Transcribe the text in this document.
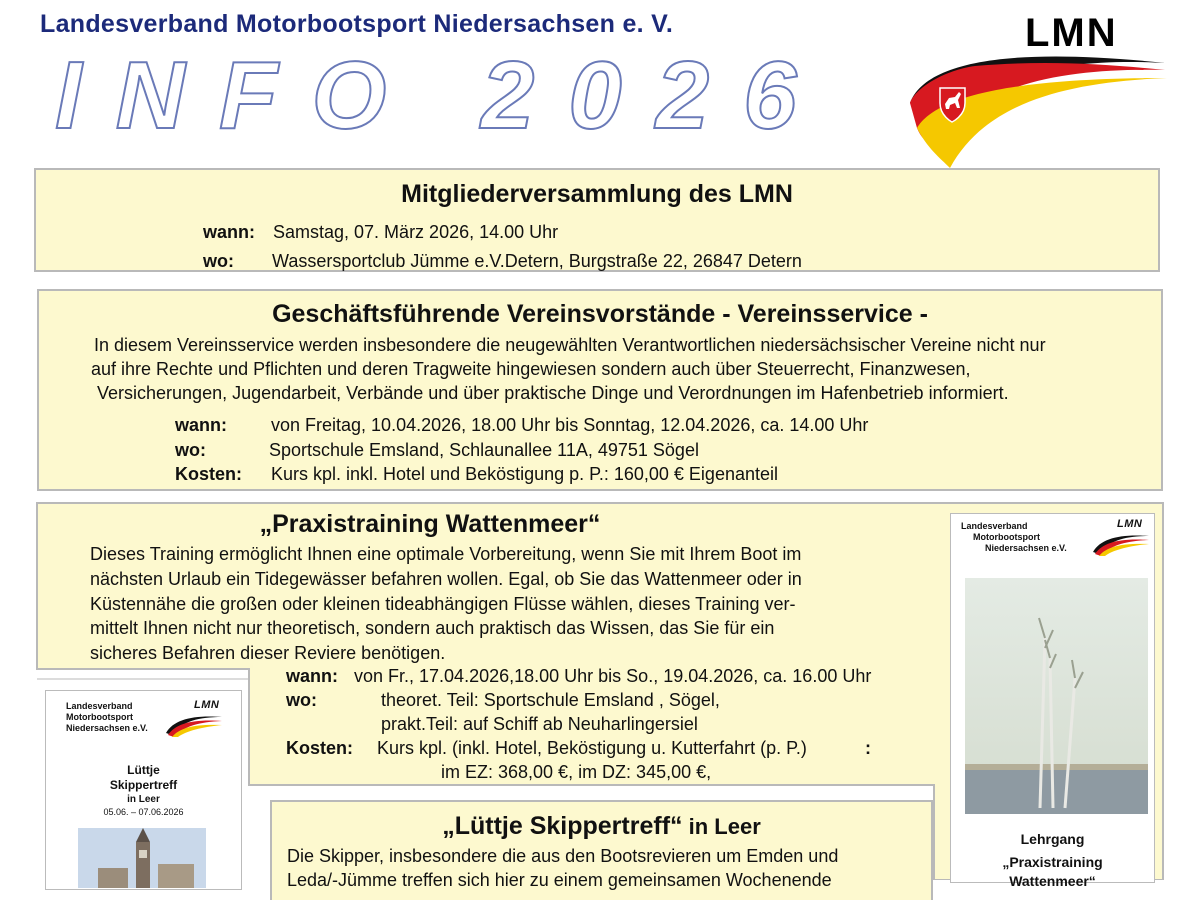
Landesverband Motorbootsport Niedersachsen e. V.
INFO 2026
LMN
Mitgliederversammlung des LMN
wann: Samstag, 07. März 2026, 14.00 Uhr
wo: Wassersportclub Jümme e.V.Detern, Burgstraße 22, 26847 Detern
Geschäftsführende Vereinsvorstände - Vereinsservice -
In diesem Vereinsservice werden insbesondere die neugewählten Verantwortlichen niedersächsischer Vereine nicht nur
auf ihre Rechte und Pflichten und deren Tragweite hingewiesen sondern auch über Steuerrecht, Finanzwesen,
Versicherungen, Jugendarbeit, Verbände und über praktische Dinge und Verordnungen im Hafenbetrieb informiert.
wann: von Freitag, 10.04.2026, 18.00 Uhr bis Sonntag, 12.04.2026, ca. 14.00 Uhr
wo:	Sportschule Emsland, Schlaunallee 11A, 49751 Sögel
Kosten: Kurs kpl. inkl. Hotel und Beköstigung p. P.: 160,00 € Eigenanteil
„Praxistraining Wattenmeer“
Dieses Training ermöglicht Ihnen eine optimale Vorbereitung, wenn Sie mit Ihrem Boot im
nächsten Urlaub ein Tidegewässer befahren wollen. Egal, ob Sie das Wattenmeer oder in
Küstennähe die großen oder kleinen tideabhängigen Flüsse wählen, dieses Training ver-
mittelt Ihnen nicht nur theoretisch, sondern auch praktisch das Wissen, das Sie für ein
sicheres Befahren dieser Reviere benötigen.
wann: von Fr., 17.04.2026,18.00 Uhr bis So., 19.04.2026, ca. 16.00 Uhr
wo:	theoret. Teil: Sportschule Emsland , Sögel,
prakt.Teil: auf Schiff ab Neuharlingersiel
Kosten: Kurs kpl. (inkl. Hotel, Beköstigung u. Kutterfahrt (p. P.)	:
im EZ: 368,00 €, im DZ: 345,00 €,
„Lüttje Skippertreff“ in Leer
Die Skipper, insbesondere die aus den Bootsrevieren um Emden und
Leda/-Jümme treffen sich hier zu einem gemeinsamen Wochenende
Landesverband
Motorbootsport
Niedersachsen e.V.
LMN
Lehrgang
„Praxistraining
Wattenmeer“
Landesverband
Motorbootsport
Niedersachsen e.V.
LMN
Lüttje
Skippertreff
in Leer
05.06. – 07.06.2026
